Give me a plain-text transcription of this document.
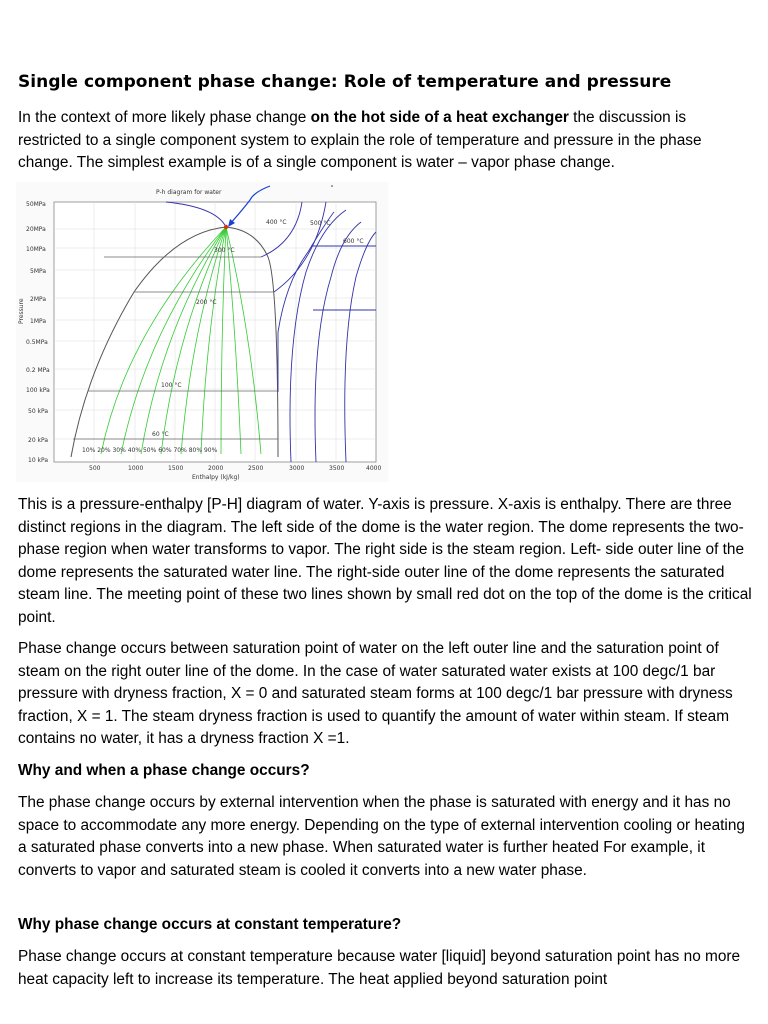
Single component phase change: Role of temperature and pressure

In the context of more likely phase change on the hot side of a heat exchanger the discussion is restricted to a single component system to explain the role of temperature and pressure in the phase change. The simplest example is of a single component is water – vapor phase change.

P-h diagram for water
Pressure
Enthalpy (kJ/kg)
50MPa
20MPa
10MPa
5MPa
2MPa
1MPa
0.5MPa
0.2 MPa
100 kPa
50 kPa
20 kPa
10 kPa
500	1000	1500	2000	2500	3000	3500	4000
400 °C	500 °C
600 °C
300 °C
200 °C
100 °C
60 °C
10% 20% 30% 40% 50% 60% 70% 80% 90%

This is a pressure-enthalpy [P-H] diagram of water. Y-axis is pressure. X-axis is enthalpy. There are three distinct regions in the diagram. The left side of the dome is the water region. The dome represents the two-phase region when water transforms to vapor. The right side is the steam region. Left- side outer line of the dome represents the saturated water line. The right-side outer line of the dome represents the saturated steam line. The meeting point of these two lines shown by small red dot on the top of the dome is the critical point.

Phase change occurs between saturation point of water on the left outer line and the saturation point of steam on the right outer line of the dome. In the case of water saturated water exists at 100 degc/1 bar pressure with dryness fraction, X = 0 and saturated steam forms at 100 degc/1 bar pressure with dryness fraction, X = 1. The steam dryness fraction is used to quantify the amount of water within steam. If steam contains no water, it has a dryness fraction X =1.

Why and when a phase change occurs?

The phase change occurs by external intervention when the phase is saturated with energy and it has no space to accommodate any more energy. Depending on the type of external intervention cooling or heating a saturated phase converts into a new phase. When saturated water is further heated For example, it converts to vapor and saturated steam is cooled it converts into a new water phase.

Why phase change occurs at constant temperature?

Phase change occurs at constant temperature because water [liquid] beyond saturation point has no more heat capacity left to increase its temperature. The heat applied beyond saturation point
